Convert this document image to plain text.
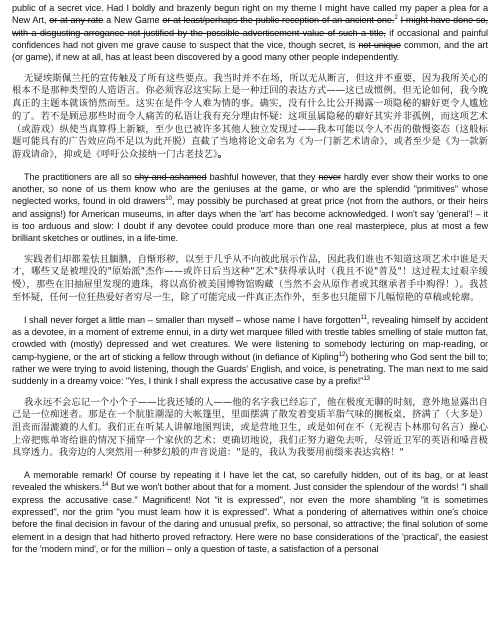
public of a secret vice. Had I boldly and brazenly begun right on my theme I might have called my paper a plea for a New Art, or at any rate a New Game or at least/perhaps the public reception of an ancient one.$^2$ I might have done so, with a disgusting arrogance not justified by the possible advertisement value of such a title, if occasional and painful confidences had not given me grave cause to suspect that the vice, though secret, is not unique common, and the art (or game), if new at all, has at least been discovered by a good many other people independently.

无疑埃斯佩兰托的宣传触及了所有这些要点。我当时并不在场，所以无从断言，但这并不重要，因为我所关心的根本不是那种类型的人造语言。你必须容忍这实际上是一种迂回的表达方式——这已成惯例。但无论如何，我今晚真正的主题本就该悄然而至。这实在是件令人难为情的事。确实，没有什么比公开揭露一项隐秘的癖好更令人尴尬的了。若不是顾忌那些时而令人痛苦的私语让我有充分理由怀疑：这项虽属隐秘的癖好其实并非孤例，而这项艺术（或游戏）纵使当真算得上新颖，至少也已被许多其他人独立发现过——我本可能以令人不齿的傲慢姿态（这般标题可能具有的广告效应尚不足以为此开脱）直截了当地将论文命名为《为一门新艺术请命》，或者至少是《为一款新游戏请命》，抑或是《呼吁公众接纳一门古老技艺》。

The practitioners are all so shy and ashamed bashful however, that they never hardly ever show their works to one another, so none of us them know who are the geniuses at the game, or who are the splendid "primitives" whose neglected works, found in old drawers$^{10}$, may possibly be purchased at great price (not from the authors, or their heirs and assigns!) for American museums, in after days when the 'art' has become acknowledged. I won't say 'general'! – it is too arduous and slow: I doubt if any devotee could produce more than one real masterpiece, plus at most a few brilliant sketches or outlines, in a life-time.

实践者们却都羞怯且腼腆，自惭形秽，以至于几乎从不向彼此展示作品，因此我们谁也不知道这项艺术中谁是天才，哪些又是被埋没的"原始派"杰作——或许日后当这种"艺术"获得承认时（我且不说"普及"！这过程太过艰辛缓慢），那些在旧抽屉里发现的遗珠，将以高价被美国博物馆购藏（当然不会从原作者或其继承者手中购得！）。我甚至怀疑，任何一位狂热爱好者穷尽一生，除了可能完成一件真正杰作外，至多也只能留下几幅惊艳的草稿或轮廓。

I shall never forget a little man – smaller than myself – whose name I have forgotten$^{11}$, revealing himself by accident as a devotee, in a moment of extreme ennui, in a dirty wet marquee filled with trestle tables smelling of stale mutton fat, crowded with (mostly) depressed and wet creatures. We were listening to somebody lecturing on map-reading, or camp-hygiene, or the art of sticking a fellow through without (in defiance of Kipling$^{12}$) bothering who God sent the bill to; rather we were trying to avoid listening, though the Guards' English, and voice, is penetrating. The man next to me said suddenly in a dreamy voice: "Yes, I think I shall express the accusative case by a prefix!"$^{13}$

我永远不会忘记一个小个子——比我还矮的人——他的名字我已经忘了，他在极度无聊的时刻，意外地显露出自己是一位痴迷者。那是在一个肮脏潮湿的大帐篷里，里面摆满了散发着变质羊脂气味的搁板桌，挤满了（大多是）沮丧而湿漉漉的人们。我们正在听某人讲解地图判读，或是营地卫生，或是如何在不（无视吉卜林那句名言）操心上帝把账单寄给谁的情况下捅穿一个家伙的艺术；更确切地说，我们正努力避免去听，尽管近卫军的英语和嗓音极具穿透力。我旁边的人突然用一种梦幻般的声音说道："是的，我认为我要用前缀来表达宾格！"

A memorable remark! Of course by repeating it I have let the cat, so carefully hidden, out of its bag, or at least revealed the whiskers.$^{14}$ But we won't bother about that for a moment. Just consider the splendour of the words! "I shall express the accusative case." Magnificent! Not "it is expressed", nor even the more shambling "it is sometimes expressed", nor the grim "you must learn how it is expressed". What a pondering of alternatives within one's choice before the final decision in favour of the daring and unusual prefix, so personal, so attractive; the final solution of some element in a design that had hitherto proved refractory. Here were no base considerations of the 'practical', the easiest for the 'modern mind', or for the million – only a question of taste, a satisfaction of a personal
